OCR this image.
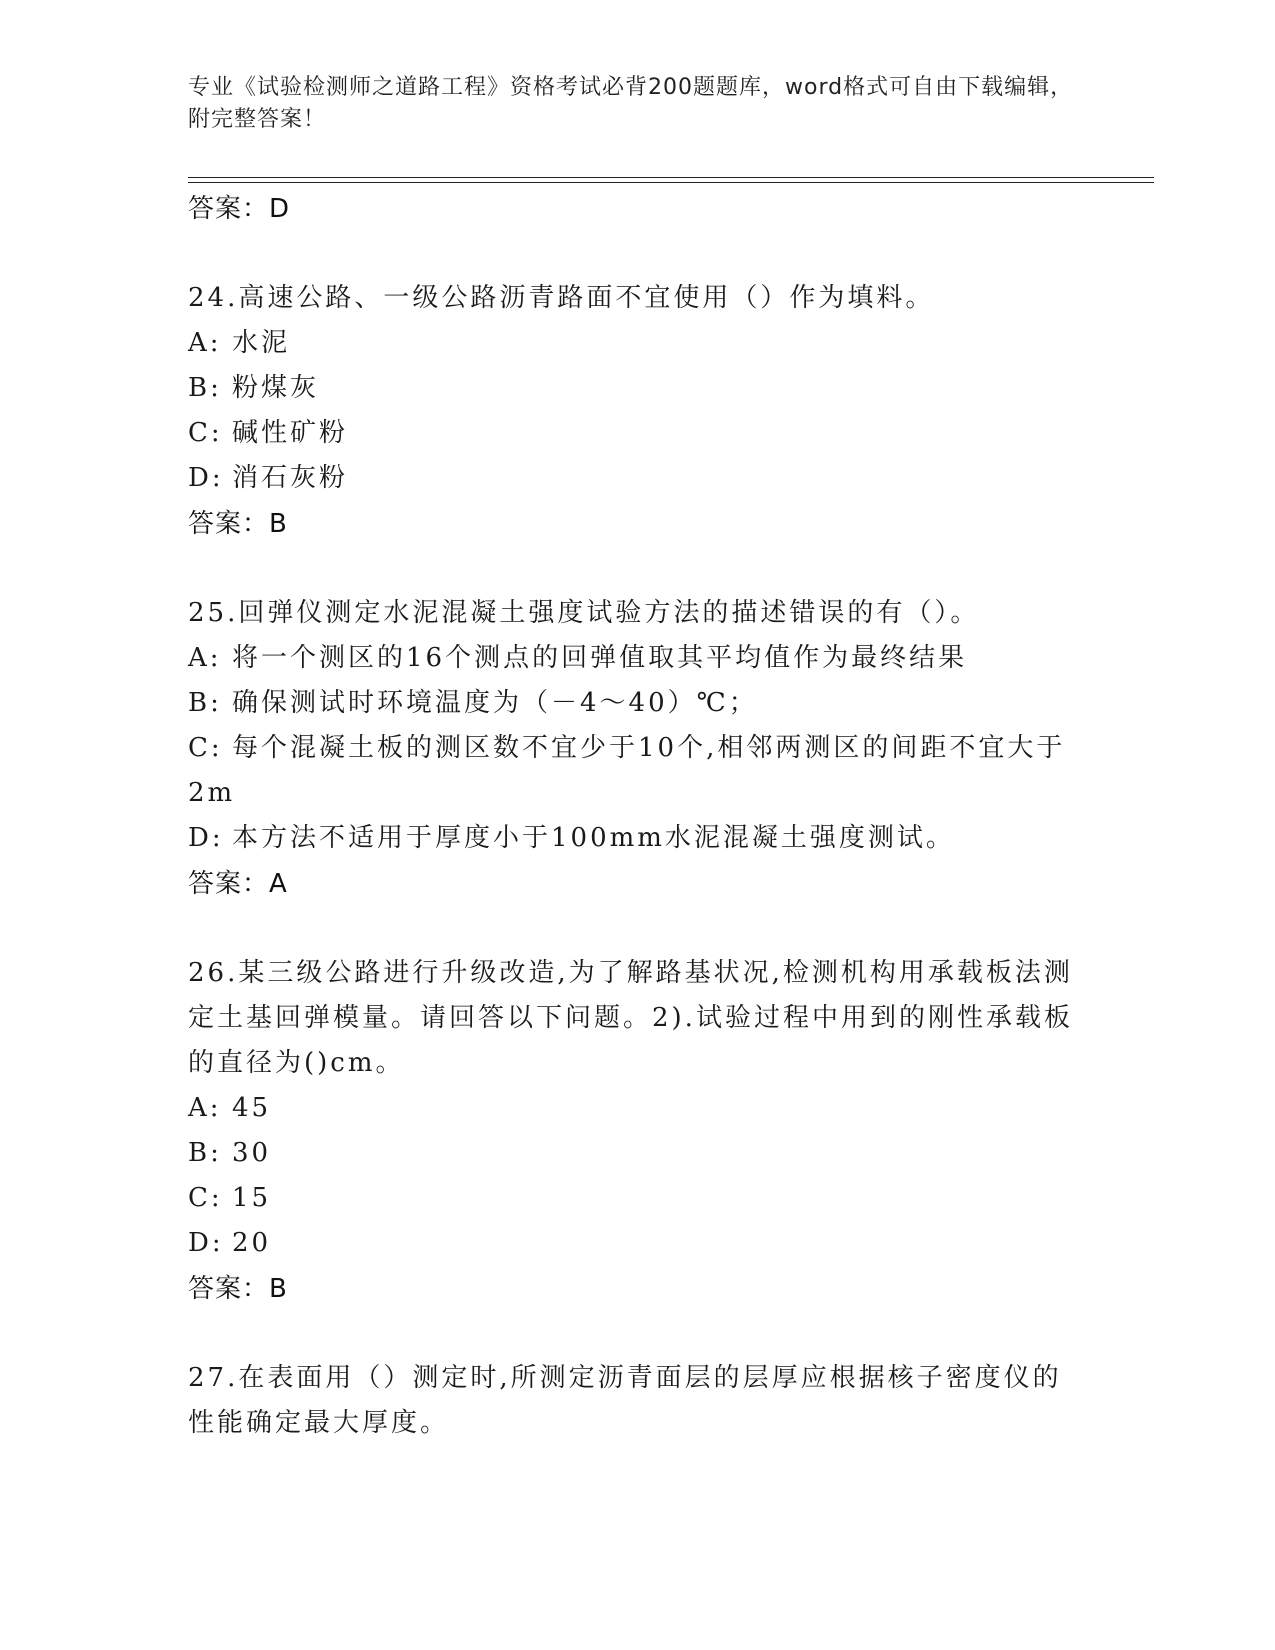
专业《试验检测师之道路工程》资格考试必背200题题库，word格式可自由下载编辑，附完整答案！
答案：D
24.高速公路、一级公路沥青路面不宜使用（）作为填料。
A: 水泥
B: 粉煤灰
C: 碱性矿粉
D: 消石灰粉
答案：B
25.回弹仪测定水泥混凝土强度试验方法的描述错误的有（）。
A: 将一个测区的16个测点的回弹值取其平均值作为最终结果
B: 确保测试时环境温度为（－4～40）℃；
C: 每个混凝土板的测区数不宜少于10个,相邻两测区的间距不宜大于
2m
D: 本方法不适用于厚度小于100mm水泥混凝土强度测试。
答案：A
26.某三级公路进行升级改造,为了解路基状况,检测机构用承载板法测定土基回弹模量。请回答以下问题。2).试验过程中用到的刚性承载板的直径为()cm。
A: 45
B: 30
C: 15
D: 20
答案：B
27.在表面用（）测定时,所测定沥青面层的层厚应根据核子密度仪的性能确定最大厚度。
